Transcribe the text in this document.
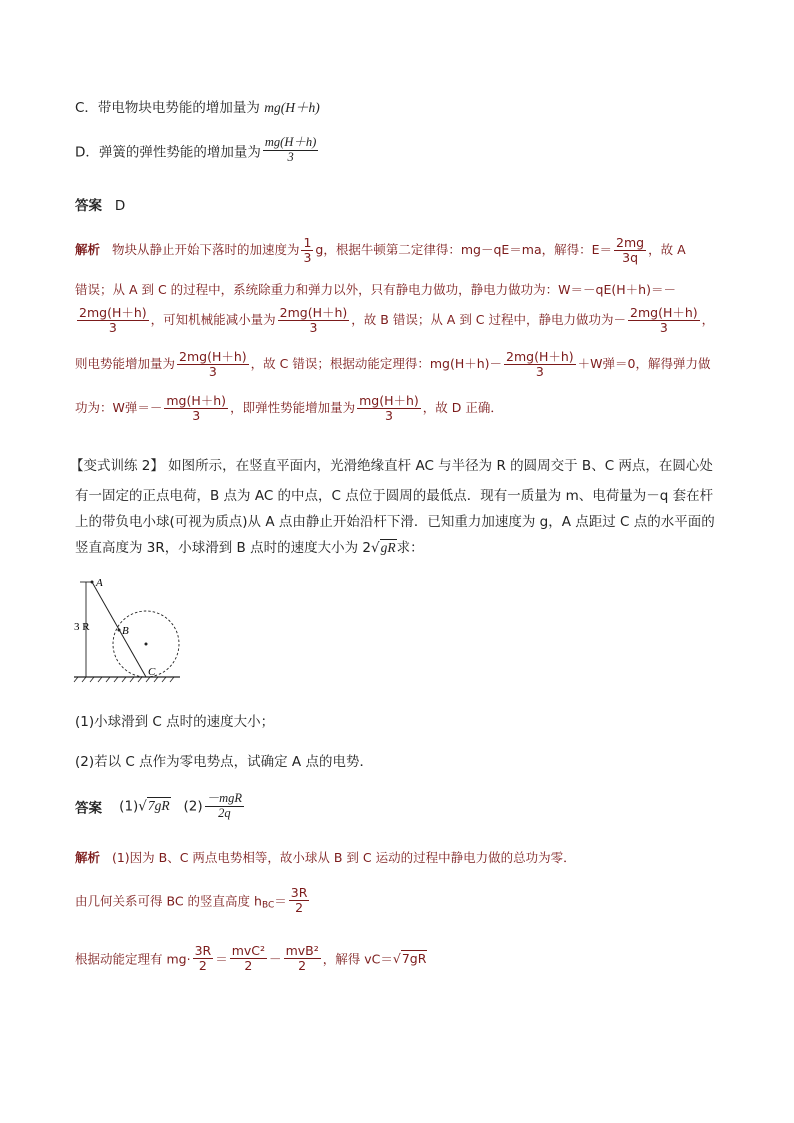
C．带电物块电势能的增加量为 mg(H＋h)
D．弹簧的弹性势能的增加量为 $\frac{mg(H+h)}{3}$
答案 D
解析 物块从静止开始下落时的加速度为 $\frac{1}{3}$ g，根据牛顿第二定律得：mg－qE＝ma，解得：$E= \frac{2mg}{3q}$ ，故 A
错误；从 A 到 C 的过程中，系统除重力和弹力以外，只有静电力做功，静电力做功为：W＝－qE(H＋h)＝－
$\frac{2mg(H+h)}{3}$ ，可知机械能减小量为 $\frac{2mg(H+h)}{3}$ ，故 B 错误；从 A 到 C 过程中，静电力做功为－ $\frac{2mg(H+h)}{3}$ ，
则电势能增加量为 $\frac{2mg(H+h)}{3}$ ，故 C 错误；根据动能定理得：$mg(H+h)- \frac{2mg(H+h)}{3} +W$弹＝0，解得弹力做
功为：W弹＝－ $\frac{mg(H+h)}{3}$ ，即弹性势能增加量为 $\frac{mg(H+h)}{3}$ ，故 D 正确．
【变式训练 2】 如图所示，在竖直平面内，光滑绝缘直杆 AC 与半径为 R 的圆周交于 B、C 两点，在圆心处
有一固定的正点电荷，B 点为 AC 的中点，C 点位于圆周的最低点．现有一质量为 m、电荷量为－q 套在杆
上的带负电小球(可视为质点)从 A 点由静止开始沿杆下滑．已知重力加速度为 g，A 点距过 C 点的水平面的
竖直高度为 3R，小球滑到 B 点时的速度大小为 2√gR求：
3 R
A
B
C
(1)小球滑到 C 点时的速度大小；
(2)若以 C 点作为零电势点，试确定 A 点的电势．
答案 (1)√7gR $(2) \frac{\text{－mgR}}{2q}$
解析 (1)因为 B、C 两点电势相等，故小球从 B 到 C 运动的过程中静电力做的总功为零．
由几何关系可得 BC 的竖直高度 $h_{BC}= \frac{3R}{2}$
根据动能定理有 $mg\cdot \frac{3R}{2} = \frac{\text{mvC²}}{2} - \frac{\text{mvB²}}{2}$ ，解得 vC＝√7gR
